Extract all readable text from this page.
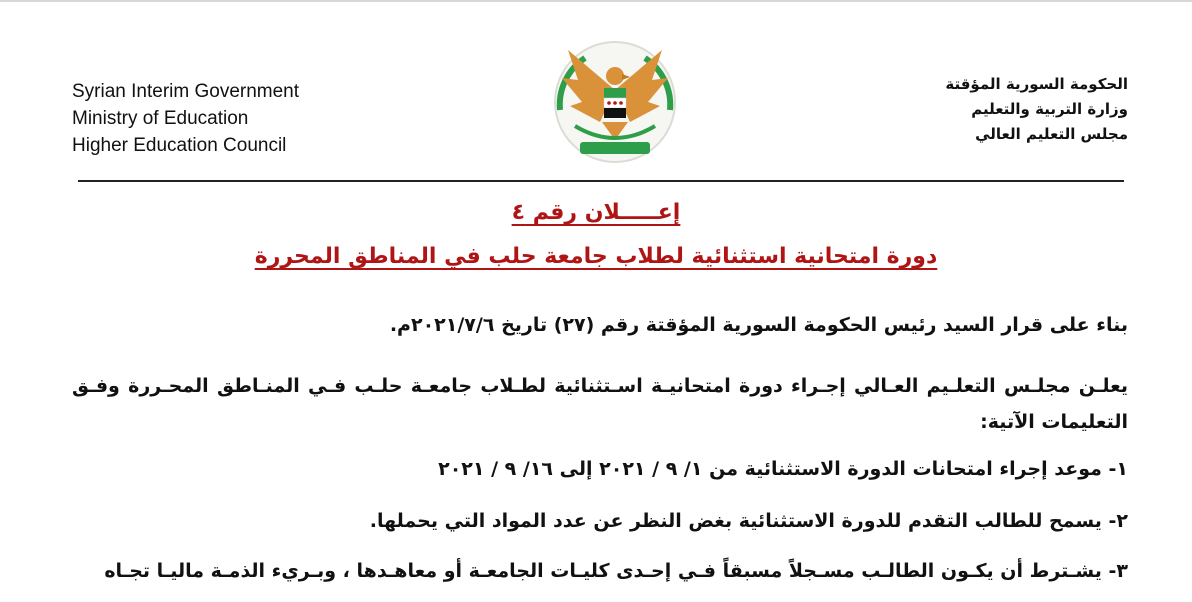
Syrian Interim Government
Ministry of Education
Higher Education Council
الحكومة السورية المؤقتة
وزارة التربية والتعليم
مجلس التعليم العالي
إعـــــلان رقم ٤
دورة امتحانية استثنائية لطلاب جامعة حلب في المناطق المحررة
بناء على قرار السيد رئيس الحكومة السورية المؤقتة رقم (٢٧) تاريخ ٢٠٢١/٧/٦م.
يعلـن مجلـس التعلـيم العـالي إجـراء دورة امتحانيـة اسـتثنائية لطـلاب جامعـة حلـب فـي المنـاطق المحـررة وفـق التعليمات الآتية:
١- موعد إجراء امتحانات الدورة الاستثنائية من ١/ ٩ / ٢٠٢١ إلى ١٦/ ٩ / ٢٠٢١
٢- يسمح للطالب التقدم للدورة الاستثنائية بغض النظر عن عدد المواد التي يحملها.
٣- يشـترط أن يكـون الطالـب مسـجلاً مسبقاً فـي إحـدى كليـات الجامعـة أو معاهـدها ، وبـريء الذمـة ماليـا تجـاه
